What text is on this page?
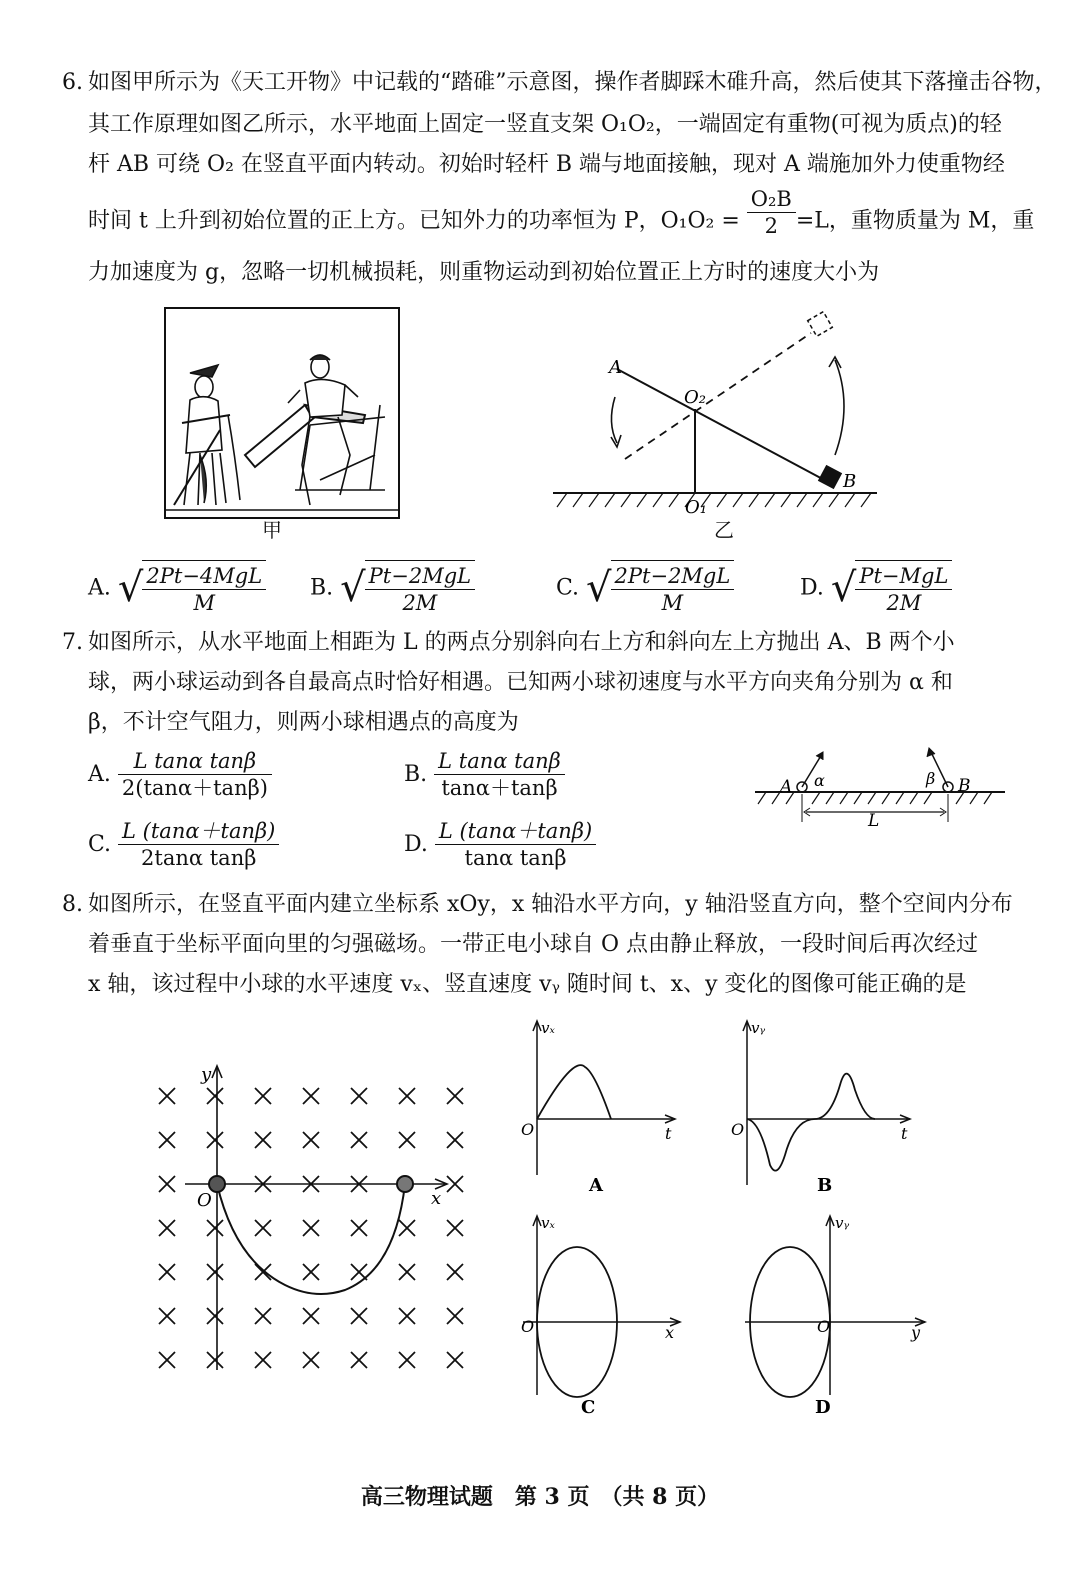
6. 如图甲所示为《天工开物》中记载的“踏碓”示意图，操作者脚踩木碓升高，然后使其下落撞击谷物，
其工作原理如图乙所示，水平地面上固定一竖直支架 O₁O₂，一端固定有重物(可视为质点)的轻
杆 AB 可绕 O₂ 在竖直平面内转动。初始时轻杆 B 端与地面接触，现对 A 端施加外力使重物经
时间 t 上升到初始位置的正上方。已知外力的功率恒为 P，$O_1O_2 = \frac{\text{O₂B}}{2} =L$，重物质量为 M，重
力加速度为 g，忽略一切机械损耗，则重物运动到初始位置正上方时的速度大小为
甲
A
O₂
O₁
B
乙
A. √ $\frac{\text{2Pt−4MgL}}{M} B$. √ $\frac{\text{Pt−2MgL}}{2M}$	C. √ $\frac{\text{2Pt−2MgL}}{M}$	D. √ $\frac{\text{Pt−MgL}}{2M}$
7. 如图所示，从水平地面上相距为 L 的两点分别斜向右上方和斜向左上方抛出 A、B 两个小
球，两小球运动到各自最高点时恰好相遇。已知两小球初速度与水平方向夹角分别为 α 和
β，不计空气阻力，则两小球相遇点的高度为
A. $\frac{\text{L tanα tanβ}}{2(\tan\alpha+\tan\beta)}$	B. $\frac{\text{L tanα tanβ}}{\tan\alpha+\tan\beta}$
C. $\frac{L (\tan\alpha+\tan\beta)}{\text{2tanα tanβ}}$	D. $\frac{L (\tan\alpha+\tan\beta)}{\text{tanα tanβ}}$
A α	β B
L
8. 如图所示，在竖直平面内建立坐标系 xOy，x 轴沿水平方向，y 轴沿竖直方向，整个空间内分布
着垂直于坐标平面向里的匀强磁场。一带正电小球自 O 点由静止释放，一段时间后再次经过
x 轴，该过程中小球的水平速度 vₓ、竖直速度 vᵧ 随时间 t、x、y 变化的图像可能正确的是
y
x
O
vₓ
t
O
A
vᵧ
t
O
B
vₓ
x
O
C
vᵧ
y
O
D
高三物理试题　第 3 页　（共 8 页）
